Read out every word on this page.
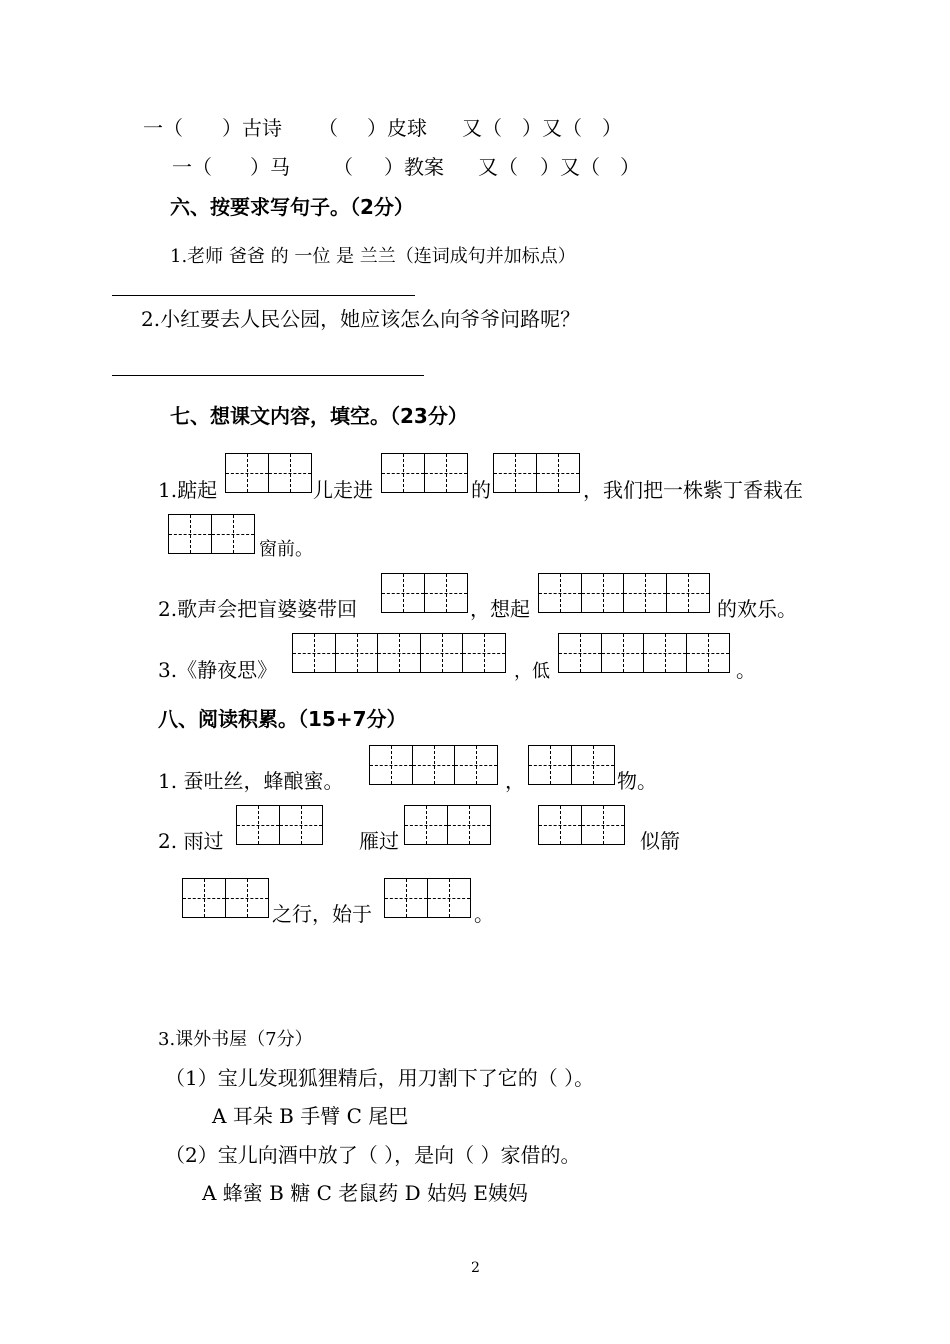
一（ ）古诗 （ ）皮球 又（ ）又（ ）
一（ ）马 （ ）教案 又（ ）又（ ）
六、按要求写句子。（2分）
1.老师 爸爸 的 一位 是 兰兰（连词成句并加标点）
2.小红要去人民公园，她应该怎么向爷爷问路呢？
七、想课文内容，填空。（23分）
1.踮起	儿走进	的	，我们把一株紫丁香栽在
窗前。
2.歌声会把盲婆婆带回	，想起	的欢乐。
3.《静夜思》	，低	。
八、阅读积累。（15+7分）
1. 蚕吐丝，蜂酿蜜。	，	物。
2. 雨过	雁过	似箭
之行，始于	。
3.课外书屋（7分）
（1）宝儿发现狐狸精后，用刀割下了它的（ ）。
A 耳朵 B 手臂 C 尾巴
（2）宝儿向酒中放了（ ），是向（ ）家借的。
A 蜂蜜 B 糖 C 老鼠药 D 姑妈 E姨妈
2
